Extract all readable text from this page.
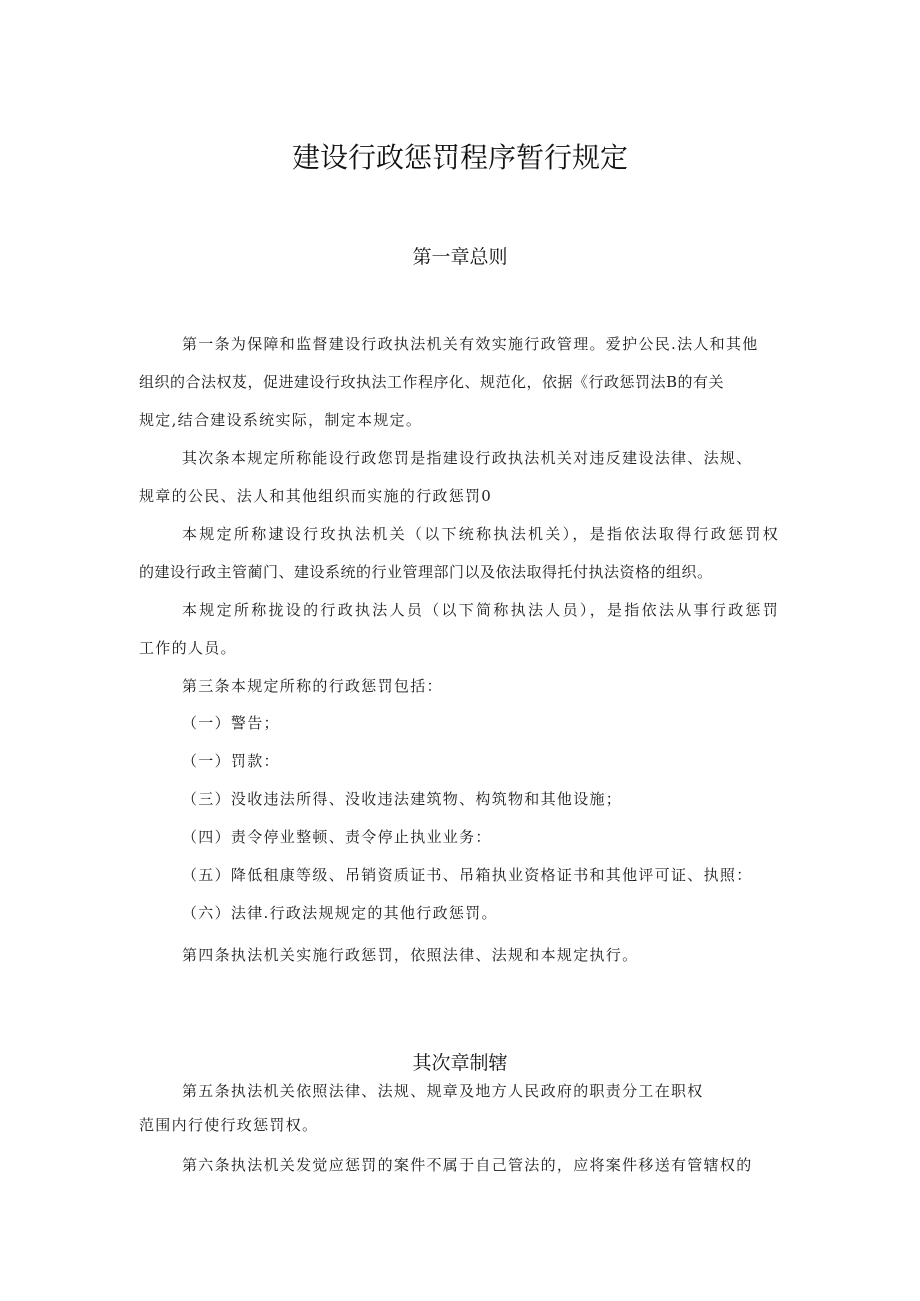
建设行政惩罚程序暂行规定
第一章总则
第一条为保障和监督建设行政执法机关有效实施行政管理。爱护公民.法人和其他
组织的合法权芨，促进建设行玫执法工作程序化、规范化，依据《行政惩罚法B的有关
规定,结合建设系统实际，制定本规定。
其次条本规定所称能设行政您罚是指建设行政执法机关对违反建设法律、法规、
规章的公民、法人和其他组织而实施的行政惩罚0
本规定所称逮设行玫执法机关（以下统称执法机关），是指依法取得行政惩罚权
的建设行政主管蔺门、建设系统的行业管理部门以及依法取得托付执法资格的组织。
本规定所称拢设的行政执法人员（以下简称执法人员），是指依法从事行政惩罚
工作的人员。
第三条本规定所称的行政惩罚包括：
（一）警告；
（一）罚款：
（三）没收违法所得、没收违法建筑物、构筑物和其他设施；
（四）责令停业整顿、责令停止执业业务：
（五）降低租康等级、吊销资质证书、吊箱执业资格证书和其他评可证、执照：
（六）法律.行政法规规定的其他行政惩罚。
第四条执法机关实施行政惩罚，依照法律、法规和本规定执行。
其次章制辖
第五条执法机关依照法律、法规、规章及地方人民政府的职责分工在职权
范围内行使行玫惩罚权。
第六条执法机关发觉应惩罚的案件不属于自己管法的，应将案件移送有管辖权的
